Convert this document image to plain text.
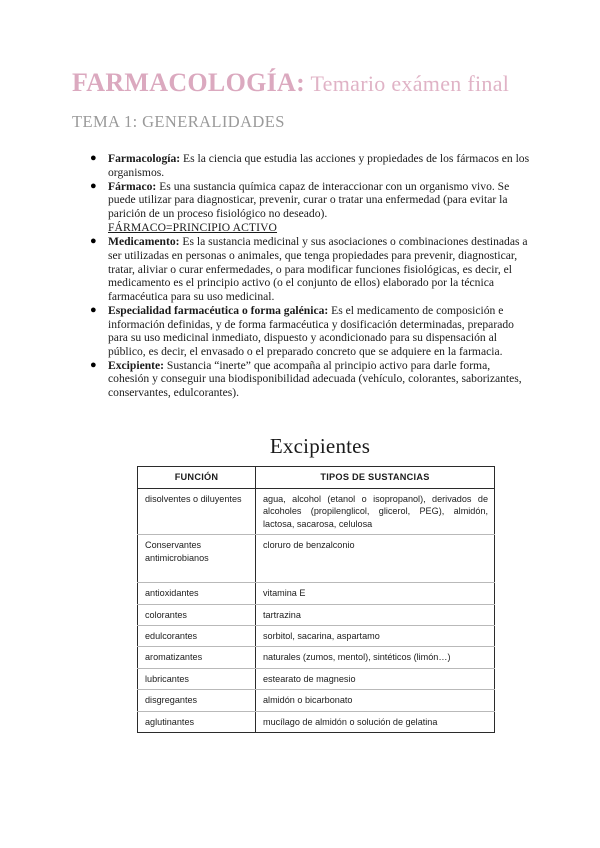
FARMACOLOGÍA: Temario exámen final
TEMA 1: GENERALIDADES
● Farmacología: Es la ciencia que estudia las acciones y propiedades de los fármacos en los organismos.
● Fármaco: Es una sustancia química capaz de interaccionar con un organismo vivo. Se puede utilizar para diagnosticar, prevenir, curar o tratar una enfermedad (para evitar la parición de un proceso fisiológico no deseado).
FÁRMACO=PRINCIPIO ACTIVO
● Medicamento: Es la sustancia medicinal y sus asociaciones o combinaciones destinadas a ser utilizadas en personas o animales, que tenga propiedades para prevenir, diagnosticar, tratar, aliviar o curar enfermedades, o para modificar funciones fisiológicas, es decir, el medicamento es el principio activo (o el conjunto de ellos) elaborado por la técnica farmacéutica para su uso medicinal.
● Especialidad farmacéutica o forma galénica: Es el medicamento de composición e información definidas, y de forma farmacéutica y dosificación determinadas, preparado para su uso medicinal inmediato, dispuesto y acondicionado para su dispensación al público, es decir, el envasado o el preparado concreto que se adquiere en la farmacia.
● Excipiente: Sustancia “inerte” que acompaña al principio activo para darle forma, cohesión y conseguir una biodisponibilidad adecuada (vehículo, colorantes, saborizantes, conservantes, edulcorantes).
Excipientes
FUNCIÓN	TIPOS DE SUSTANCIAS
disolventes o diluyentes	agua, alcohol (etanol o isopropanol), derivados de alcoholes (propilenglicol, glicerol, PEG), almidón, lactosa, sacarosa, celulosa
Conservantes antimicrobianos	cloruro de benzalconio
antioxidantes	vitamina E
colorantes	tartrazina
edulcorantes	sorbitol, sacarina, aspartamo
aromatizantes	naturales (zumos, mentol), sintéticos (limón…)
lubricantes	estearato de magnesio
disgregantes	almidón o bicarbonato
aglutinantes	mucílago de almidón o solución de gelatina
